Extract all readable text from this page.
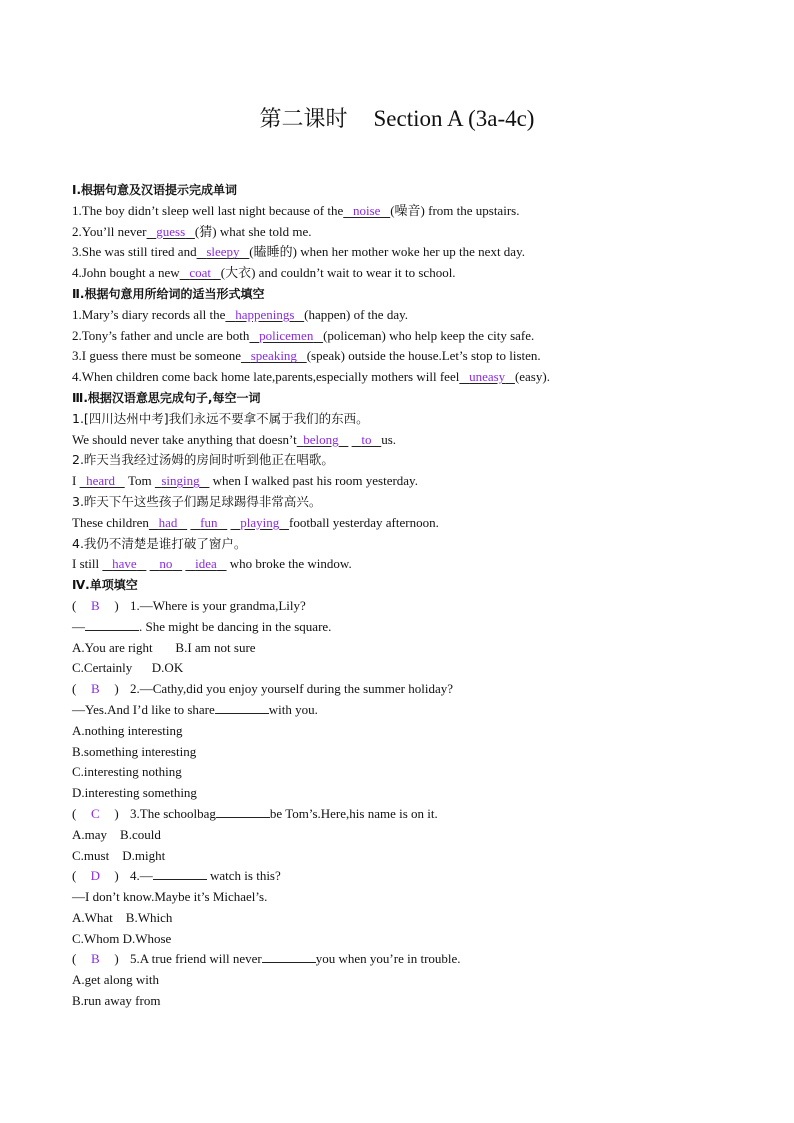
第二课时 Section A (3a-4c)
Ⅰ.根据句意及汉语提示完成单词
1.The boy didn’t sleep well last night because of the noise (噪音) from the upstairs.
2.You’ll never guess (猜) what she told me.
3.She was still tired and sleepy (瞌睡的) when her mother woke her up the next day.
4.John bought a new coat (大衣) and couldn’t wait to wear it to school.
Ⅱ.根据句意用所给词的适当形式填空
1.Mary’s diary records all the happenings (happen) of the day.
2.Tony’s father and uncle are both policemen (policeman) who help keep the city safe.
3.I guess there must be someone speaking (speak) outside the house.Let’s stop to listen.
4.When children come back home late,parents,especially mothers will feel uneasy (easy).
Ⅲ.根据汉语意思完成句子,每空一词
1.[四川达州中考]我们永远不要拿不属于我们的东西。
We should never take anything that doesn’t belong to us.
2.昨天当我经过汤姆的房间时听到他正在唱歌。
I heard Tom singing when I walked past his room yesterday.
3.昨天下午这些孩子们踢足球踢得非常高兴。
These children had fun playing football yesterday afternoon.
4.我仍不清楚是谁打破了窗户。
I still have no idea who broke the window.
Ⅳ.单项填空
( B ) 1.—Where is your grandma,Lily?
—	. She might be dancing in the square.
A.You are right B.I am not sure
C.Certainly D.OK
( B ) 2.—Cathy,did you enjoy yourself during the summer holiday?
—Yes.And I’d like to share	with you.
A.nothing interesting
B.something interesting
C.interesting nothing
D.interesting something
( C ) 3.The schoolbag	be Tom’s.Here,his name is on it.
A.may B.could
C.must D.might
( D ) 4.—	watch is this?
—I don’t know.Maybe it’s Michael’s.
A.What B.Which
C.Whom D.Whose
( B ) 5.A true friend will never	you when you’re in trouble.
A.get along with
B.run away from
